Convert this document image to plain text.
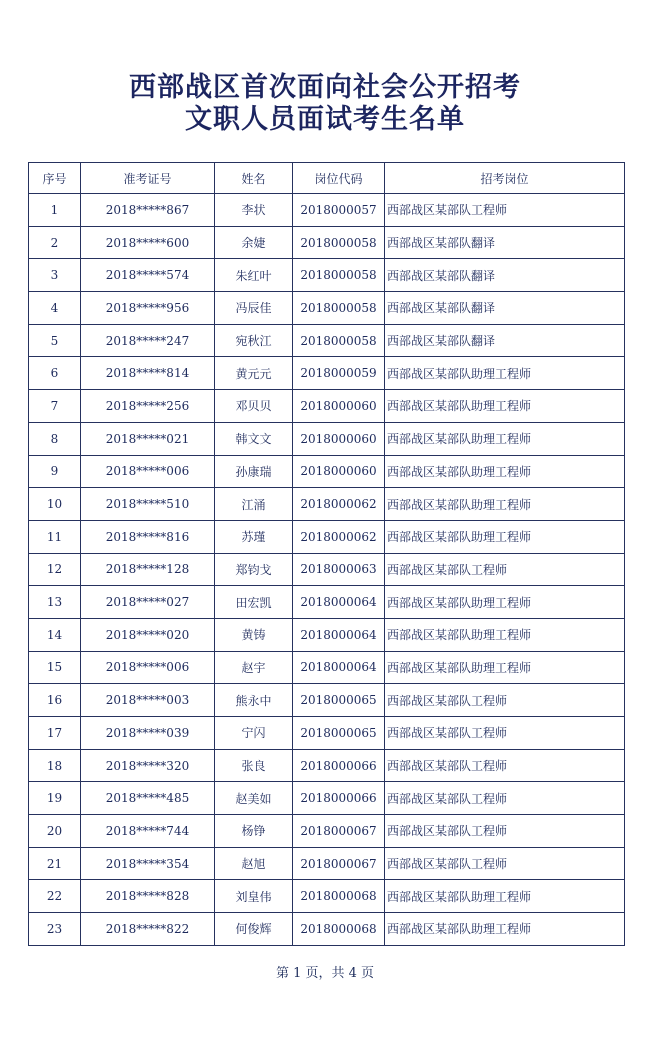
西部战区首次面向社会公开招考
文职人员面试考生名单
序号	准考证号	姓名	岗位代码	招考岗位
1	2018*****867	李状	2018000057	西部战区某部队工程师
2	2018*****600	余婕	2018000058	西部战区某部队翻译
3	2018*****574	朱红叶	2018000058	西部战区某部队翻译
4	2018*****956	冯辰佳	2018000058	西部战区某部队翻译
5	2018*****247	宛秋江	2018000058	西部战区某部队翻译
6	2018*****814	黄元元	2018000059	西部战区某部队助理工程师
7	2018*****256	邓贝贝	2018000060	西部战区某部队助理工程师
8	2018*****021	韩文文	2018000060	西部战区某部队助理工程师
9	2018*****006	孙康瑞	2018000060	西部战区某部队助理工程师
10	2018*****510	江涌	2018000062	西部战区某部队助理工程师
11	2018*****816	苏瑾	2018000062	西部战区某部队助理工程师
12	2018*****128	郑钧戈	2018000063	西部战区某部队工程师
13	2018*****027	田宏凯	2018000064	西部战区某部队助理工程师
14	2018*****020	黄铸	2018000064	西部战区某部队助理工程师
15	2018*****006	赵宇	2018000064	西部战区某部队助理工程师
16	2018*****003	熊永中	2018000065	西部战区某部队工程师
17	2018*****039	宁闪	2018000065	西部战区某部队工程师
18	2018*****320	张良	2018000066	西部战区某部队工程师
19	2018*****485	赵美如	2018000066	西部战区某部队工程师
20	2018*****744	杨铮	2018000067	西部战区某部队工程师
21	2018*****354	赵旭	2018000067	西部战区某部队工程师
22	2018*****828	刘皇伟	2018000068	西部战区某部队助理工程师
23	2018*****822	何俊辉	2018000068	西部战区某部队助理工程师
第 1 页，共 4 页
